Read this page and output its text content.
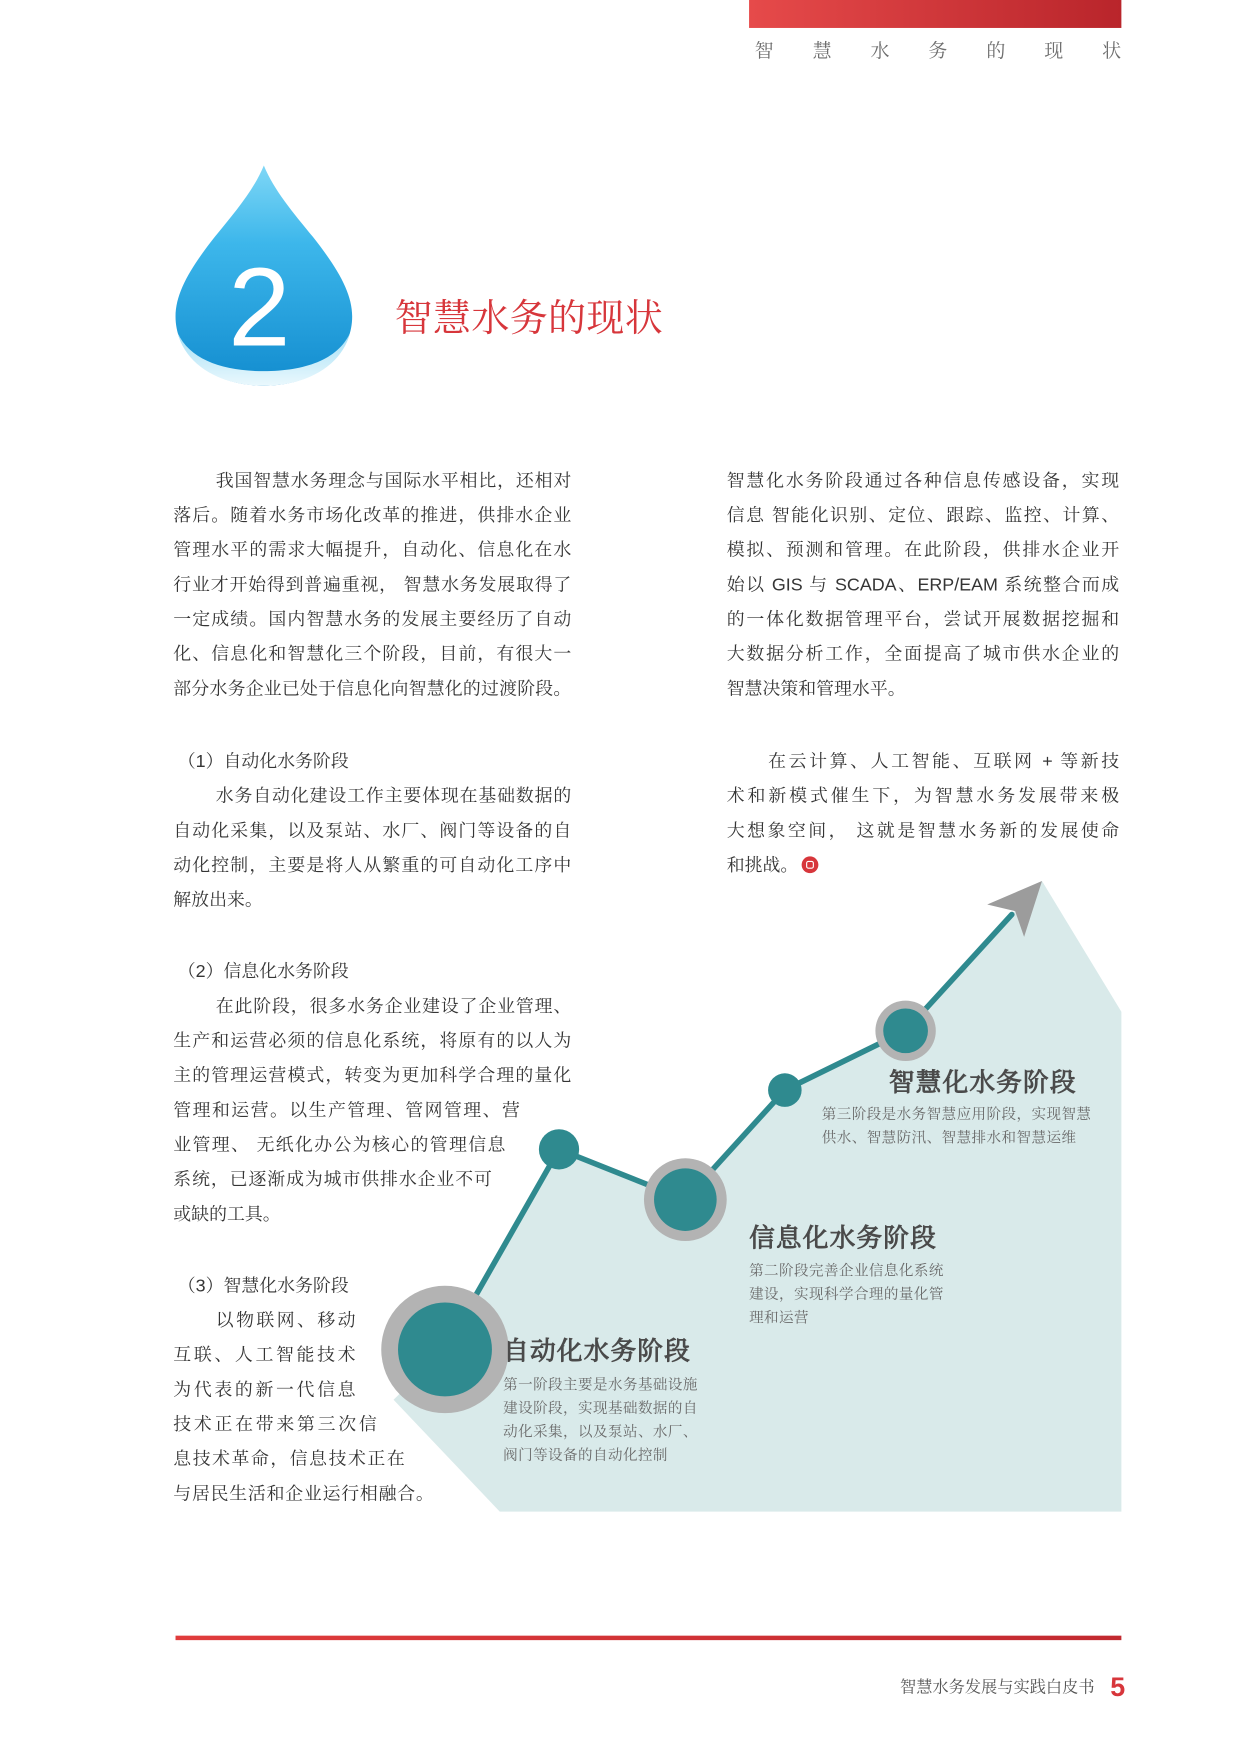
智慧水务的现状
2	智慧水务的现状
我国智慧水务理念与国际水平相比，还相对
落后。随着水务市场化改革的推进，供排水企业
管理水平的需求大幅提升，自动化、信息化在水
行业才开始得到普遍重视， 智慧水务发展取得了
一定成绩。国内智慧水务的发展主要经历了自动
化、信息化和智慧化三个阶段，目前，有很大一
部分水务企业已处于信息化向智慧化的过渡阶段。
（1）自动化水务阶段
水务自动化建设工作主要体现在基础数据的
自动化采集，以及泵站、水厂、阀门等设备的自
动化控制，主要是将人从繁重的可自动化工序中
解放出来。
（2）信息化水务阶段
在此阶段，很多水务企业建设了企业管理、
生产和运营必须的信息化系统，将原有的以人为
主的管理运营模式，转变为更加科学合理的量化
管理和运营。以生产管理、管网管理、营
业管理、 无纸化办公为核心的管理信息
系统，已逐渐成为城市供排水企业不可
或缺的工具。
（3）智慧化水务阶段
以物联网、移动
互联、人工智能技术
为代表的新一代信息
技术正在带来第三次信
息技术革命，信息技术正在
与居民生活和企业运行相融合。
智慧化水务阶段通过各种信息传感设备，实现
信息 智能化识别、定位、跟踪、监控、计算、
模拟、预测和管理。在此阶段，供排水企业开
始以 GIS 与 SCADA、ERP/EAM 系统整合而成
的一体化数据管理平台，尝试开展数据挖掘和
大数据分析工作，全面提高了城市供水企业的
智慧决策和管理水平。
在云计算、人工智能、互联网 + 等新技
术和新模式催生下，为智慧水务发展带来极
大想象空间， 这就是智慧水务新的发展使命
和挑战。
自动化水务阶段
第一阶段主要是水务基础设施
建设阶段，实现基础数据的自
动化采集，以及泵站、水厂、
阀门等设备的自动化控制
信息化水务阶段
第二阶段完善企业信息化系统
建设，实现科学合理的量化管
理和运营
智慧化水务阶段
第三阶段是水务智慧应用阶段，实现智慧
供水、智慧防汛、智慧排水和智慧运维
智慧水务发展与实践白皮书 5
